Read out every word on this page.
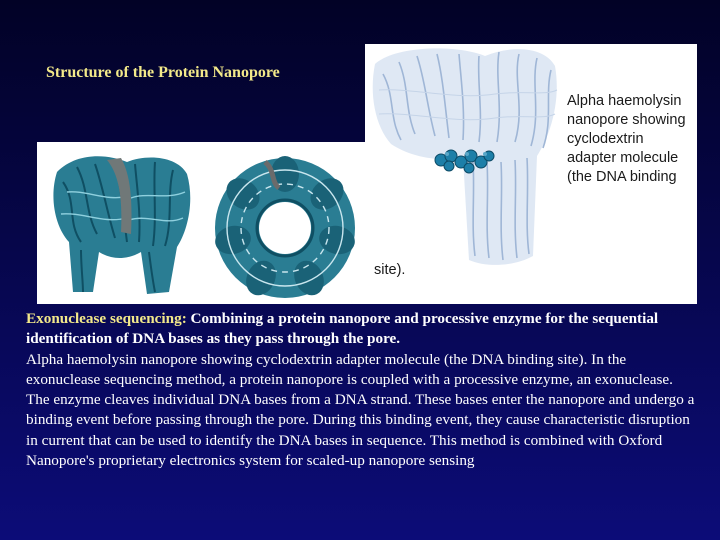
Structure of the Protein Nanopore
Alpha haemolysin nanopore showing cyclodextrin adapter molecule (the DNA binding
site).
Exonuclease sequencing: Combining a protein nanopore and processive enzyme for the sequential identification of DNA bases as they pass through the pore.
Alpha haemolysin nanopore showing cyclodextrin adapter molecule (the DNA binding site). In the exonuclease sequencing method, a protein nanopore is coupled with a processive enzyme, an exonuclease. The enzyme cleaves individual DNA bases from a DNA strand. These bases enter the nanopore and undergo a binding event before passing through the pore. During this binding event, they cause characteristic disruption in current that can be used to identify the DNA bases in sequence. This method is combined with Oxford Nanopore's proprietary electronics system for scaled-up nanopore sensing
